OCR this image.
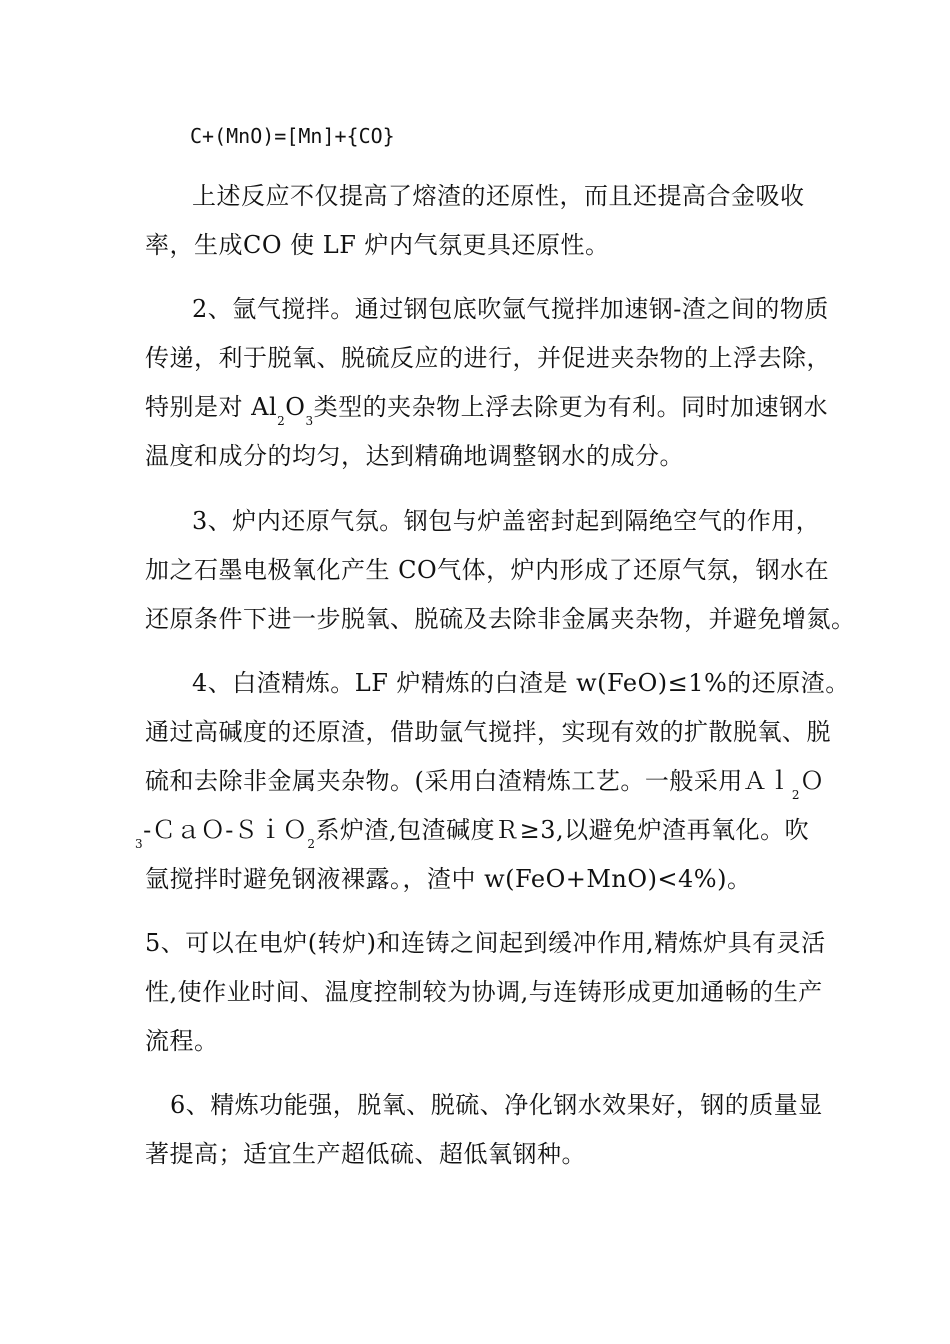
C+(MnO)=[Mn]+{CO}
上述反应不仅提高了熔渣的还原性，而且还提高合金吸收
率，生成CO 使 LF 炉内气氛更具还原性。
2、氩气搅拌。通过钢包底吹氩气搅拌加速钢-渣之间的物质
传递，利于脱氧、脱硫反应的进行，并促进夹杂物的上浮去除，
特别是对 $Al_2O_3$类型的夹杂物上浮去除更为有利。同时加速钢水
温度和成分的均匀，达到精确地调整钢水的成分。
3、炉内还原气氛。钢包与炉盖密封起到隔绝空气的作用，
加之石墨电极氧化产生 CO气体，炉内形成了还原气氛，钢水在
还原条件下进一步脱氧、脱硫及去除非金属夹杂物，并避免增氮。
4、白渣精炼。LF 炉精炼的白渣是 w(FeO)≤1%的还原渣。
通过高碱度的还原渣，借助氩气搅拌，实现有效的扩散脱氧、脱
硫和去除非金属夹杂物。(采用白渣精炼工艺。一般采用Ａｌ$_2$Ｏ
$_3$-ＣａＯ-ＳｉＯ$_2$系炉渣,包渣碱度Ｒ≥3,以避免炉渣再氧化。吹
氩搅拌时避免钢液裸露。，渣中 w(FeO+MnO)<4%)。
5、可以在电炉(转炉)和连铸之间起到缓冲作用,精炼炉具有灵活
性,使作业时间、温度控制较为协调,与连铸形成更加通畅的生产
流程。
6、精炼功能强，脱氧、脱硫、净化钢水效果好，钢的质量显
著提高；适宜生产超低硫、超低氧钢种。
